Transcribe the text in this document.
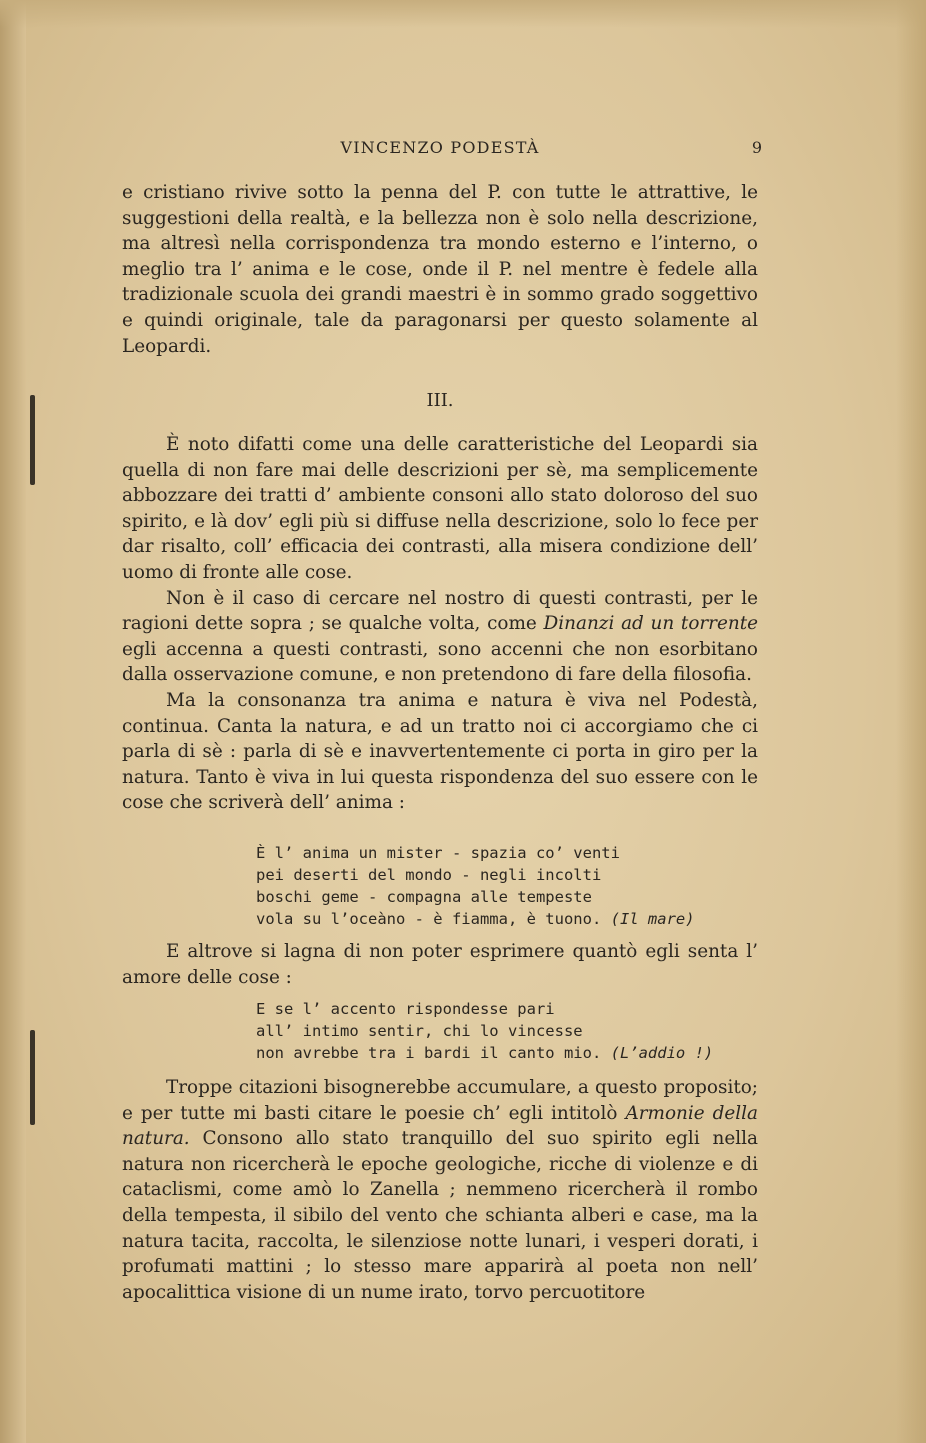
VINCENZO PODESTÀ	9

e cristiano rivive sotto la penna del P. con tutte le attrattive, le suggestioni della realtà, e la bellezza non è solo nella descrizione, ma altresì nella corrispondenza tra mondo esterno e l’interno, o meglio tra l’ anima e le cose, onde il P. nel mentre è fedele alla tradizionale scuola dei grandi maestri è in sommo grado soggettivo e quindi originale, tale da paragonarsi per questo solamente al Leopardi.

III.

È noto difatti come una delle caratteristiche del Leopardi sia quella di non fare mai delle descrizioni per sè, ma semplicemente abbozzare dei tratti d’ ambiente consoni allo stato doloroso del suo spirito, e là dov’ egli più si diffuse nella descrizione, solo lo fece per dar risalto, coll’ efficacia dei contrasti, alla misera condizione dell’ uomo di fronte alle cose.

Non è il caso di cercare nel nostro di questi contrasti, per le ragioni dette sopra ; se qualche volta, come Dinanzi ad un torrente egli accenna a questi contrasti, sono accenni che non esorbitano dalla osservazione comune, e non pretendono di fare della filosofia.

Ma la consonanza tra anima e natura è viva nel Podestà, continua. Canta la natura, e ad un tratto noi ci accorgiamo che ci parla di sè : parla di sè e inavvertentemente ci porta in giro per la natura. Tanto è viva in lui questa rispondenza del suo essere con le cose che scriverà dell’ anima :

È l’ anima un mister - spazia co’ venti
pei deserti del mondo - negli incolti
boschi geme - compagna alle tempeste
vola su l’oceàno - è fiamma, è tuono. (Il mare)

E altrove si lagna di non poter esprimere quantò egli senta l’ amore delle cose :

E se l’ accento rispondesse pari
all’ intimo sentir, chi lo vincesse
non avrebbe tra i bardi il canto mio. (L’addio !)

Troppe citazioni bisognerebbe accumulare, a questo proposito; e per tutte mi basti citare le poesie ch’ egli intitolò Armonie della natura. Consono allo stato tranquillo del suo spirito egli nella natura non ricercherà le epoche geologiche, ricche di violenze e di cataclismi, come amò lo Zanella ; nemmeno ricercherà il rombo della tempesta, il sibilo del vento che schianta alberi e case, ma la natura tacita, raccolta, le silenziose notte lunari, i vesperi dorati, i profumati mattini ; lo stesso mare apparirà al poeta non nell’ apocalittica visione di un nume irato, torvo percuotitore
